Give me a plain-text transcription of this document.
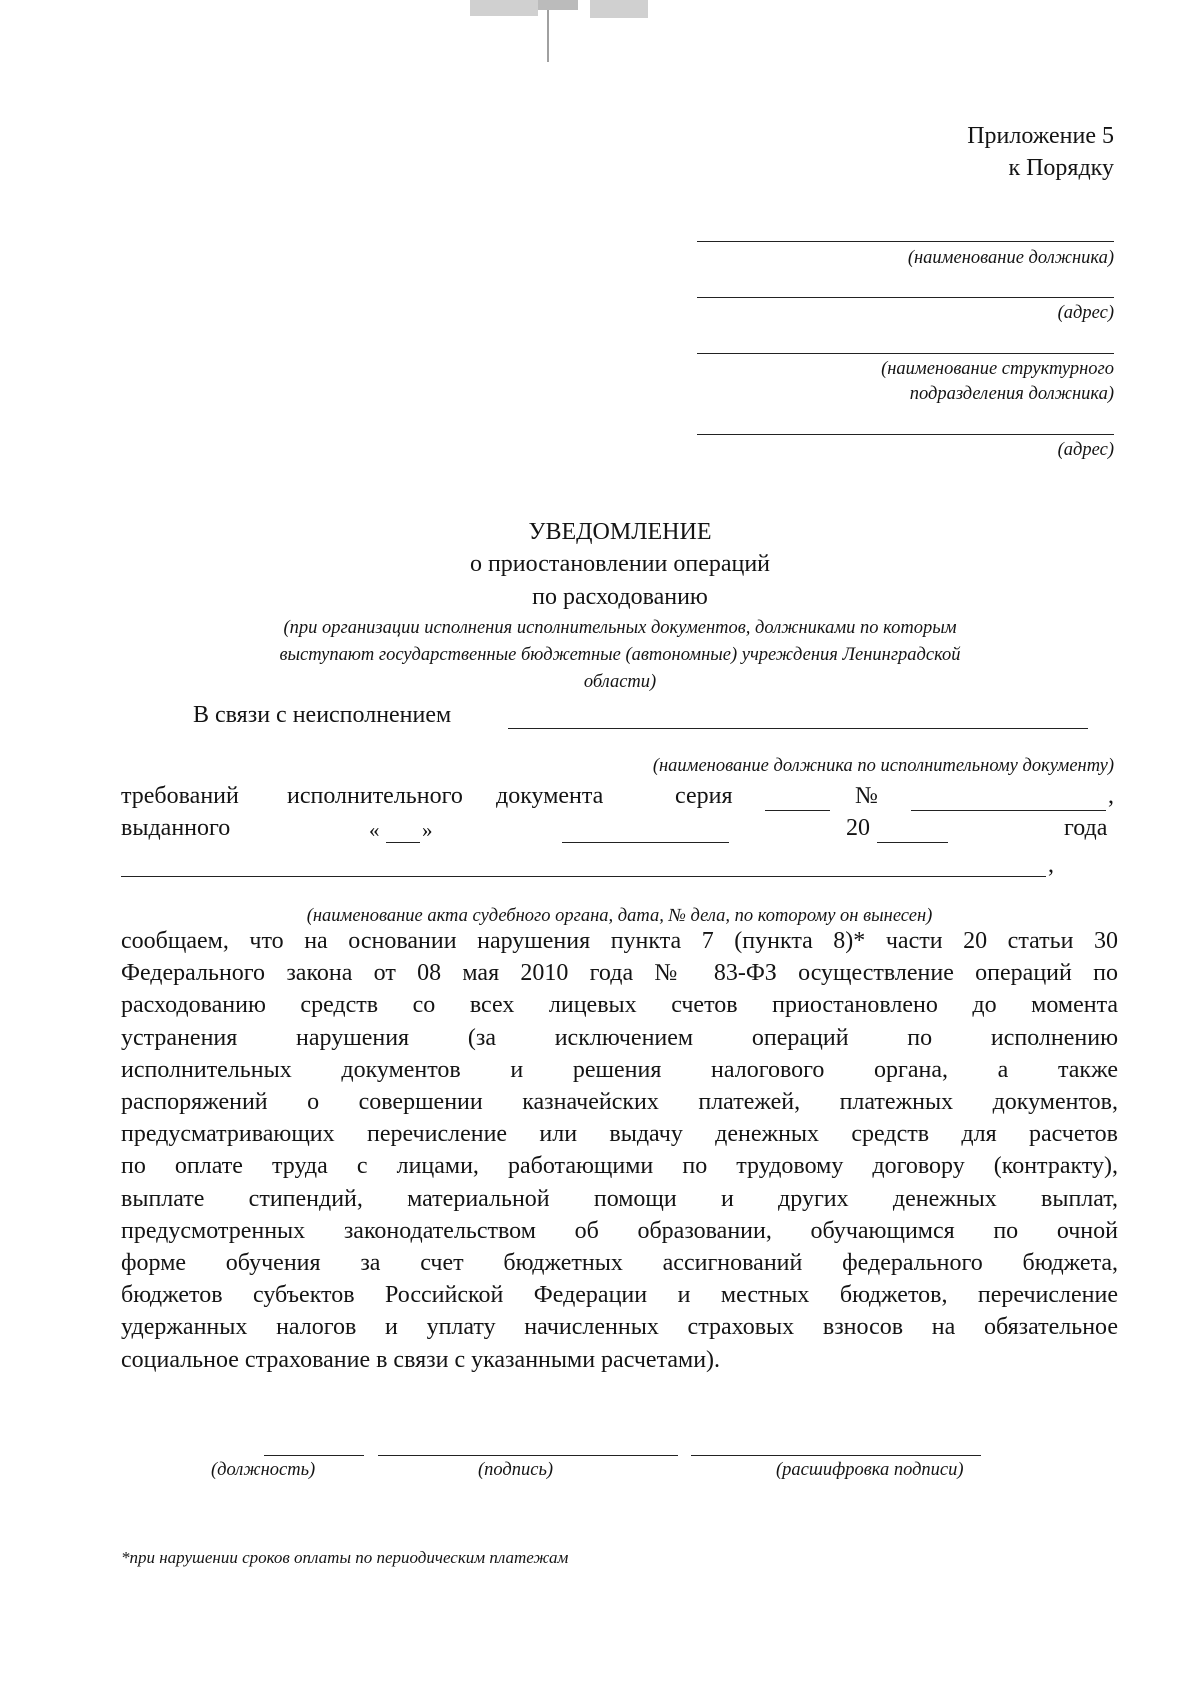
Приложение 5
к Порядку
(наименование должника)
(адрес)
(наименование структурного
подразделения должника)
(адрес)
УВЕДОМЛЕНИЕ
о приостановлении операций
по расходованию
(при организации исполнения исполнительных документов, должниками по которым
выступают государственные бюджетные (автономные) учреждения Ленинградской
области)
В связи с неисполнением
(наименование должника по исполнительному документу)
требований исполнительного документа	серия	№	,
выданного	« »	20	года
,
(наименование акта судебного органа, дата, № дела, по которому он вынесен)
сообщаем, что на основании нарушения пункта 7 (пункта 8)* части 20 статьи 30
Федерального закона от 08 мая 2010 года № 83-ФЗ осуществление операций по
расходованию средств со всех лицевых счетов приостановлено до момента
устранения нарушения (за исключением операций по исполнению
исполнительных документов и решения налогового органа, а также
распоряжений о совершении казначейских платежей, платежных документов,
предусматривающих перечисление или выдачу денежных средств для расчетов
по оплате труда с лицами, работающими по трудовому договору (контракту),
выплате стипендий, материальной помощи и других денежных выплат,
предусмотренных законодательством об образовании, обучающимся по очной
форме обучения за счет бюджетных ассигнований федерального бюджета,
бюджетов субъектов Российской Федерации и местных бюджетов, перечисление
удержанных налогов и уплату начисленных страховых взносов на обязательное
социальное страхование в связи с указанными расчетами).
(должность)	(подпись)	(расшифровка подписи)
*при нарушении сроков оплаты по периодическим платежам
